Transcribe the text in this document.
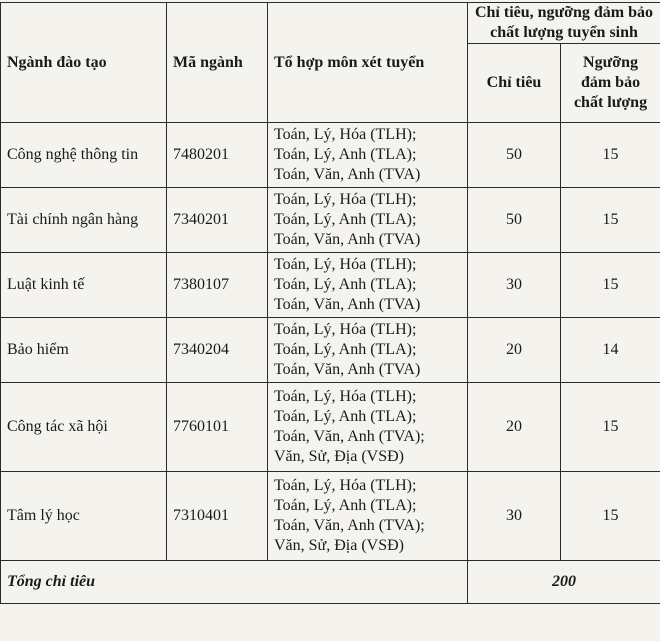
Ngành đào tạo	Mã ngành	Tổ hợp môn xét tuyển	Chỉ tiêu, ngưỡng đảm bảo chất lượng tuyển sinh	
			Chỉ tiêu	Ngưỡng đảm bảo chất lượng
Công nghệ thông tin	7480201	Toán, Lý, Hóa (TLH);
Toán, Lý, Anh (TLA);
Toán, Văn, Anh (TVA)	50	15
Tài chính ngân hàng	7340201	Toán, Lý, Hóa (TLH);
Toán, Lý, Anh (TLA);
Toán, Văn, Anh (TVA)	50	15
Luật kinh tế	7380107	Toán, Lý, Hóa (TLH);
Toán, Lý, Anh (TLA);
Toán, Văn, Anh (TVA)	30	15
Bảo hiểm	7340204	Toán, Lý, Hóa (TLH);
Toán, Lý, Anh (TLA);
Toán, Văn, Anh (TVA)	20	14
Công tác xã hội	7760101	Toán, Lý, Hóa (TLH);
Toán, Lý, Anh (TLA);
Toán, Văn, Anh (TVA);
Văn, Sử, Địa (VSĐ)	20	15
Tâm lý học	7310401	Toán, Lý, Hóa (TLH);
Toán, Lý, Anh (TLA);
Toán, Văn, Anh (TVA);
Văn, Sử, Địa (VSĐ)	30	15
Tổng chỉ tiêu			200	
